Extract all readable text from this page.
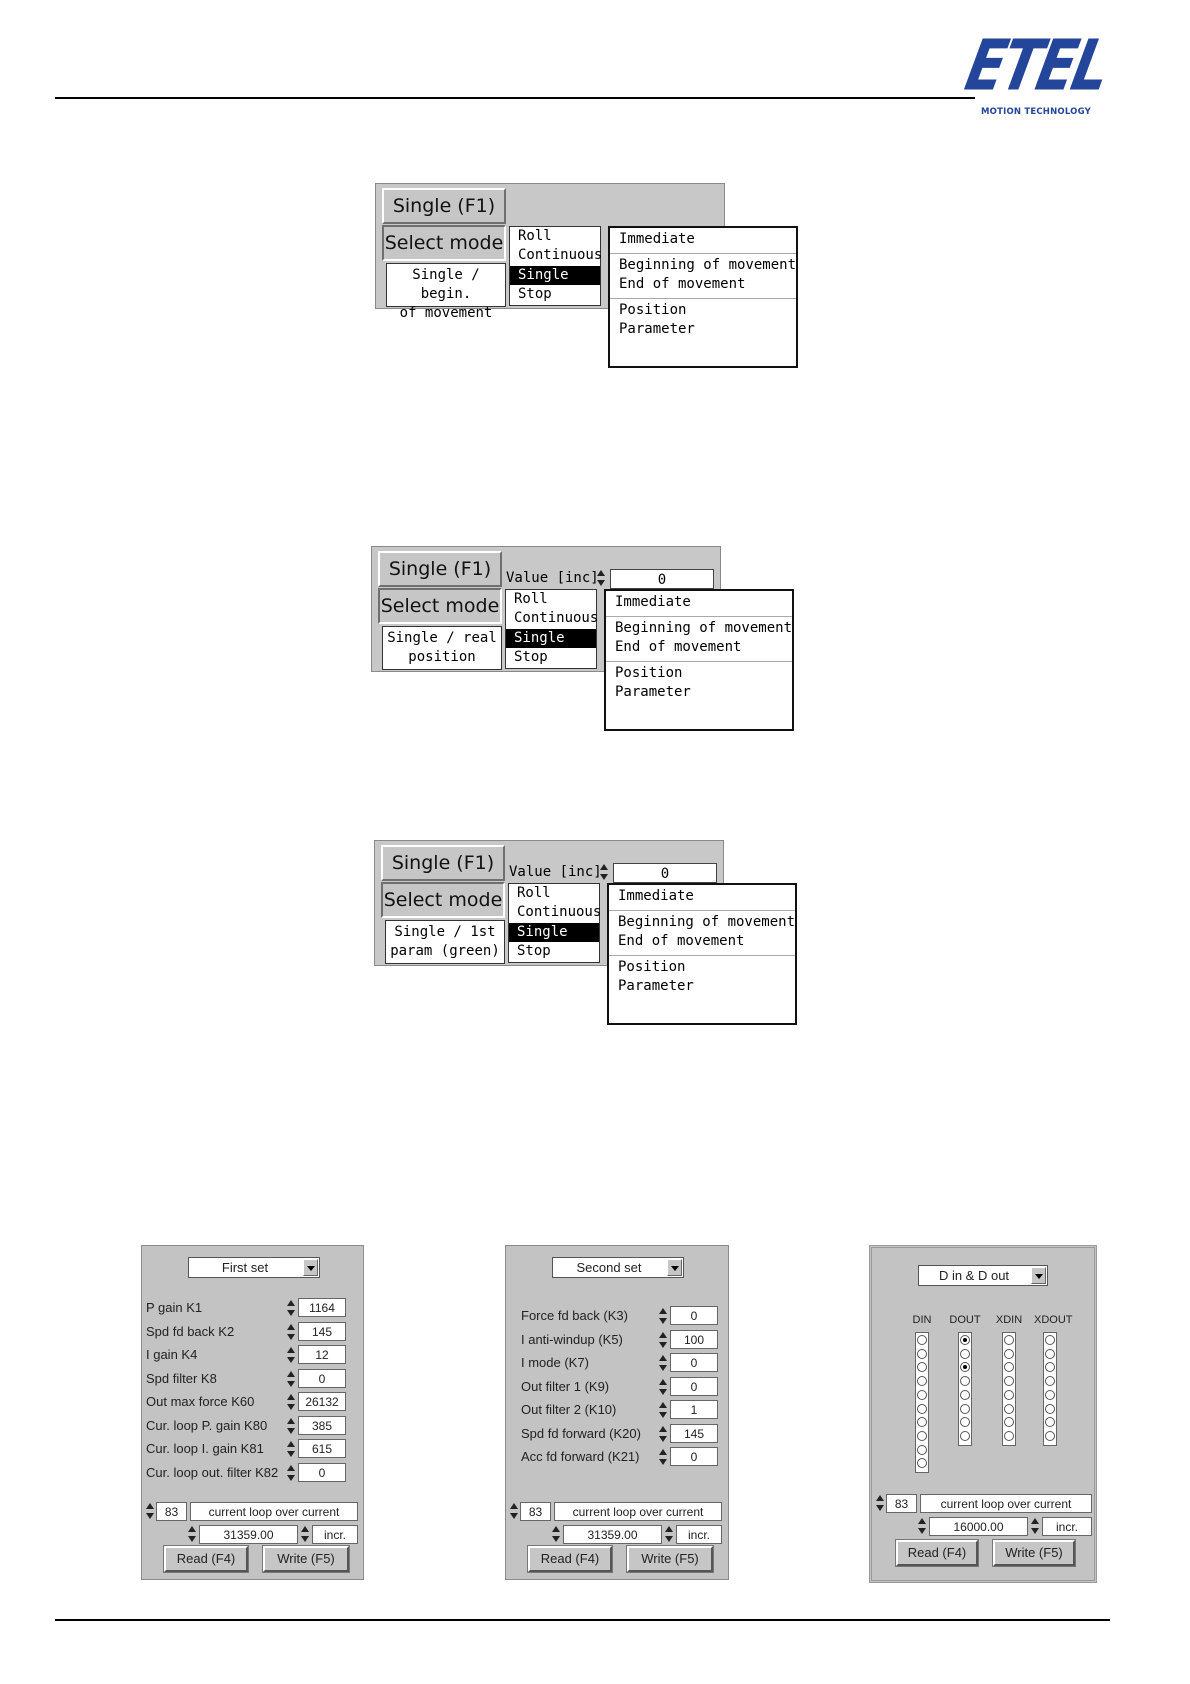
ETEL
MOTION TECHNOLOGY
Single (F1)
Select mode
Single / begin.
of movement
Roll
Continuous
Single
Stop
Immediate
Beginning of movement
End of movement
Position
Parameter
Single (F1)	Value [inc]	0
Select mode
Single / real
position
Roll
Continuous
Single
Stop
Immediate
Beginning of movement
End of movement
Position
Parameter
Single (F1)	Value [inc]	0
Select mode
Single / 1st
param (green)
Roll
Continuous
Single
Stop
Immediate
Beginning of movement
End of movement
Position
Parameter
First set
P gain K1	1164
Spd fd back K2	145
I gain K4	12
Spd filter K8	0
Out max force K60	26132
Cur. loop P. gain K80	385
Cur. loop I. gain K81	615
Cur. loop out. filter K82	0
83	current loop over current
31359.00	incr.
Read (F4)	Write (F5)
Second set
Force fd back (K3)	0
I anti-windup (K5)	100
I mode (K7)	0
Out filter 1 (K9)	0
Out filter 2 (K10)	1
Spd fd forward (K20)	145
Acc fd forward (K21)	0
83	current loop over current
31359.00	incr.
Read (F4)	Write (F5)
D in & D out
DIN	DOUT XDIN XDOUT
83	current loop over current
16000.00	incr.
Read (F4)	Write (F5)
